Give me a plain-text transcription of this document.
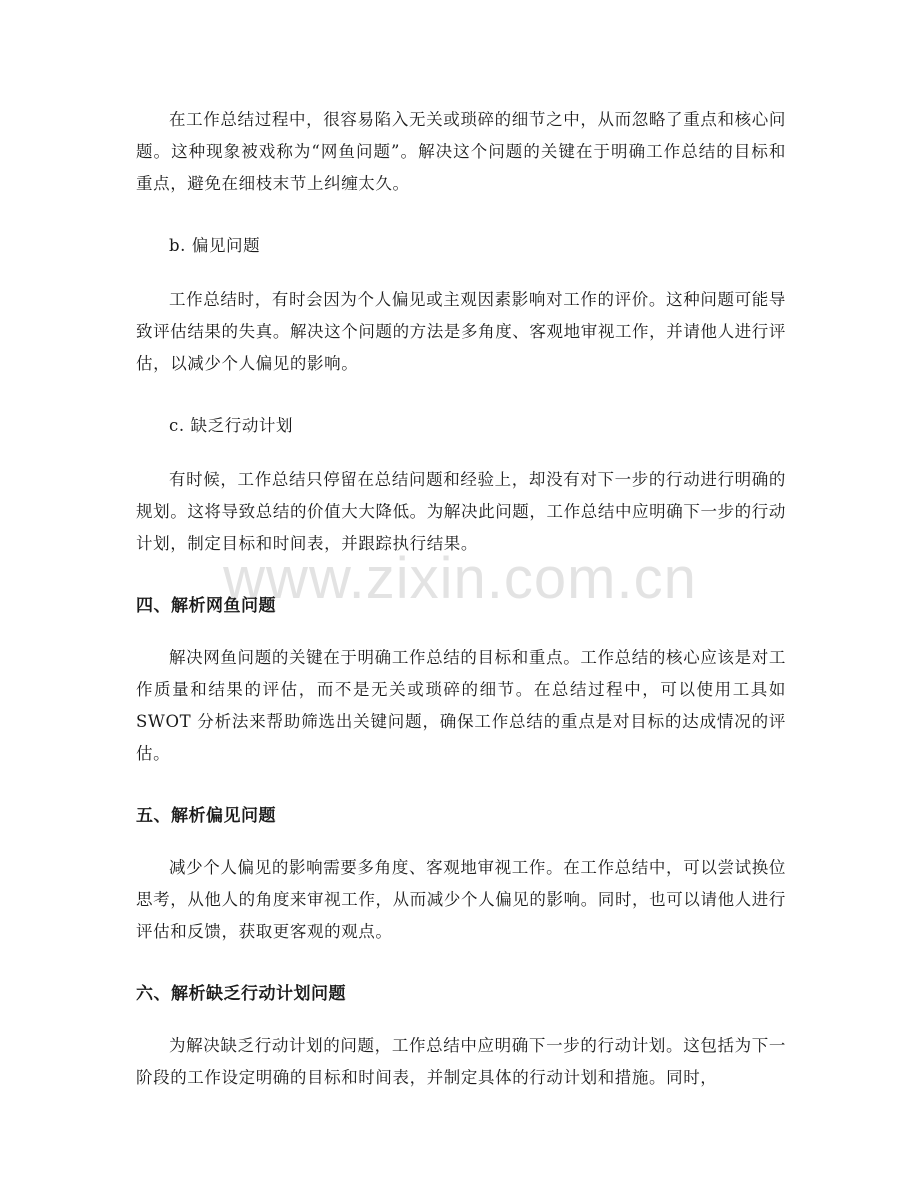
www.zixin.com.cn

在工作总结过程中，很容易陷入无关或琐碎的细节之中，从而忽略了重点和核心问题。这种现象被戏称为“网鱼问题”。解决这个问题的关键在于明确工作总结的目标和重点，避免在细枝末节上纠缠太久。

b. 偏见问题

工作总结时，有时会因为个人偏见或主观因素影响对工作的评价。这种问题可能导致评估结果的失真。解决这个问题的方法是多角度、客观地审视工作，并请他人进行评估，以减少个人偏见的影响。

c. 缺乏行动计划

有时候，工作总结只停留在总结问题和经验上，却没有对下一步的行动进行明确的规划。这将导致总结的价值大大降低。为解决此问题，工作总结中应明确下一步的行动计划，制定目标和时间表，并跟踪执行结果。

四、解析网鱼问题

解决网鱼问题的关键在于明确工作总结的目标和重点。工作总结的核心应该是对工作质量和结果的评估，而不是无关或琐碎的细节。在总结过程中，可以使用工具如 SWOT 分析法来帮助筛选出关键问题，确保工作总结的重点是对目标的达成情况的评估。

五、解析偏见问题

减少个人偏见的影响需要多角度、客观地审视工作。在工作总结中，可以尝试换位思考，从他人的角度来审视工作，从而减少个人偏见的影响。同时，也可以请他人进行评估和反馈，获取更客观的观点。

六、解析缺乏行动计划问题

为解决缺乏行动计划的问题，工作总结中应明确下一步的行动计划。这包括为下一阶段的工作设定明确的目标和时间表，并制定具体的行动计划和措施。同时，
